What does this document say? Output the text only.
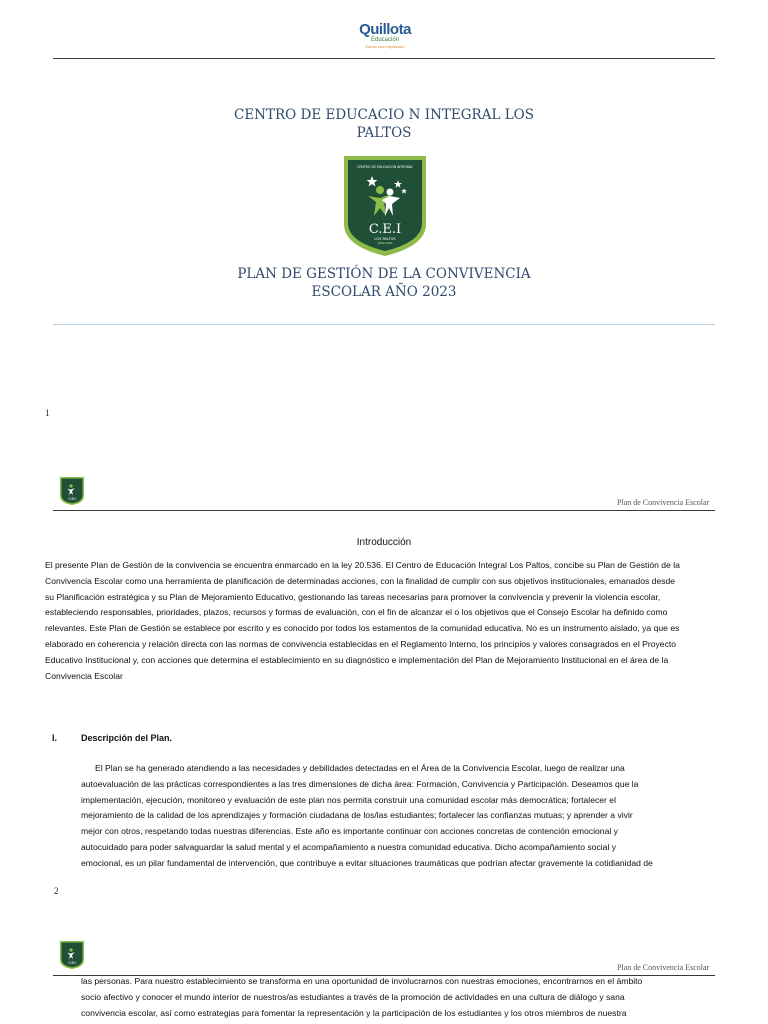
Quillota
Educación
Educa con inspiración
CENTRO DE EDUCACIO N INTEGRAL LOS
PALTOS
CENTRO DE EDUCACIÓN INTEGRAL
C.E.I
LOS PALTOS
QUILLOTA
PLAN DE GESTIÓN DE LA CONVIVENCIA
ESCOLAR AÑO 2023
1
CEI	Plan de Convivencia Escolar
Introducción
El presente Plan de Gestión de la convivencia se encuentra enmarcado en la ley 20.536. El Centro de Educación Integral Los Paltos, concibe su Plan de Gestión de la
Convivencia Escolar como una herramienta de planificación de determinadas acciones, con la finalidad de cumplir con sus objetivos institucionales, emanados desde
su Planificación estratégica y su Plan de Mejoramiento Educativo, gestionando las tareas necesarias para promover la convivencia y prevenir la violencia escolar,
estableciendo responsables, prioridades, plazos, recursos y formas de evaluación, con el fin de alcanzar el o los objetivos que el Consejo Escolar ha definido como
relevantes. Este Plan de Gestión se establece por escrito y es conocido por todos los estamentos de la comunidad educativa. No es un instrumento aislado, ya que es
elaborado en coherencia y relación directa con las normas de convivencia establecidas en el Reglamento Interno, los principios y valores consagrados en el Proyecto
Educativo Institucional y, con acciones que determina el establecimiento en su diagnóstico e implementación del Plan de Mejoramiento Institucional en el área de la
Convivencia Escolar
I.	Descripción del Plan.
El Plan se ha generado atendiendo a las necesidades y debilidades detectadas en el Área de la Convivencia Escolar, luego de realizar una
autoevaluación de las prácticas correspondientes a las tres dimensiones de dicha área: Formación, Convivencia y Participación. Deseamos que la
implementación, ejecución, monitoreo y evaluación de este plan nos permita construir una comunidad escolar más democrática; fortalecer el
mejoramiento de la calidad de los aprendizajes y formación ciudadana de los/las estudiantes; fortalecer las confianzas mutuas; y aprender a vivir
mejor con otros, respetando todas nuestras diferencias. Este año es importante continuar con acciones concretas de contención emocional y
autocuidado para poder salvaguardar la salud mental y el acompañamiento a nuestra comunidad educativa. Dicho acompañamiento social y
emocional, es un pilar fundamental de intervención, que contribuye a evitar situaciones traumáticas que podrían afectar gravemente la cotidianidad de
2
CEI
Plan de Convivencia Escolar
las personas. Para nuestro establecimiento se transforma en una oportunidad de involucrarnos con nuestras emociones, encontrarnos en el ámbito
socio afectivo y conocer el mundo interior de nuestros/as estudiantes a través de la promoción de actividades en una cultura de diálogo y sana
convivencia escolar, así como estrategias para fomentar la representación y la participación de los estudiantes y los otros miembros de nuestra
